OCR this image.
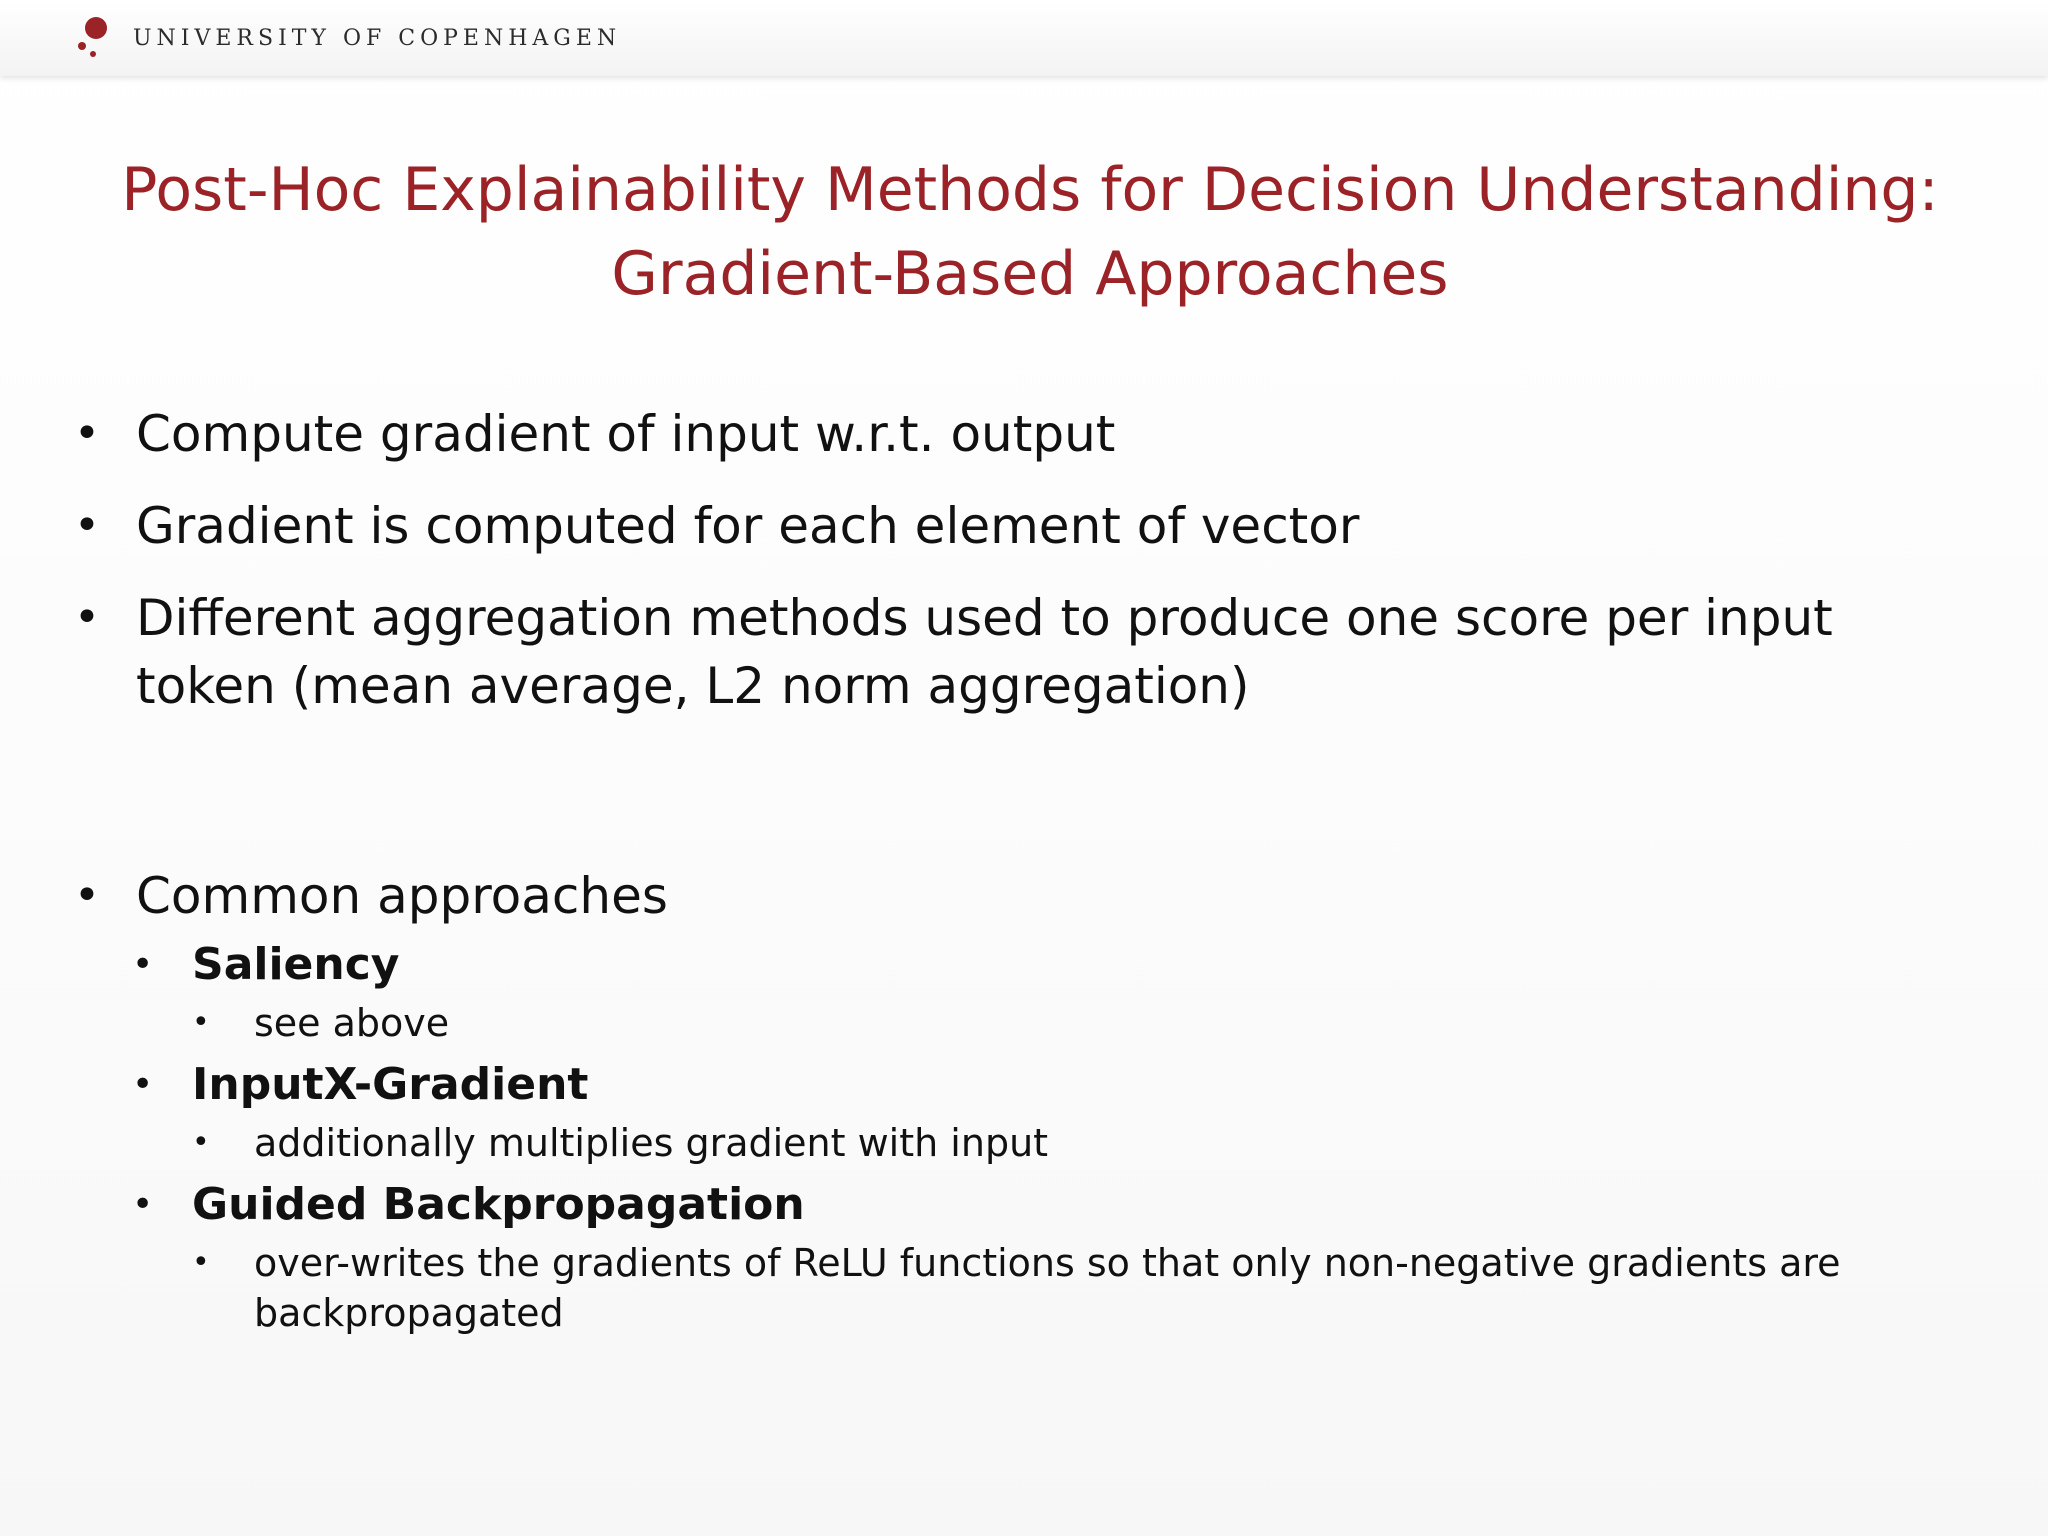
UNIVERSITY OF COPENHAGEN
Post-Hoc Explainability Methods for Decision Understanding:
Gradient-Based Approaches
• Compute gradient of input w.r.t. output
• Gradient is computed for each element of vector
• Different aggregation methods used to produce one score per input token (mean average, L2 norm aggregation)
• Common approaches
• Saliency
• see above
• InputX-Gradient
• additionally multiplies gradient with input
• Guided Backpropagation
• over-writes the gradients of ReLU functions so that only non-negative gradients are backpropagated
